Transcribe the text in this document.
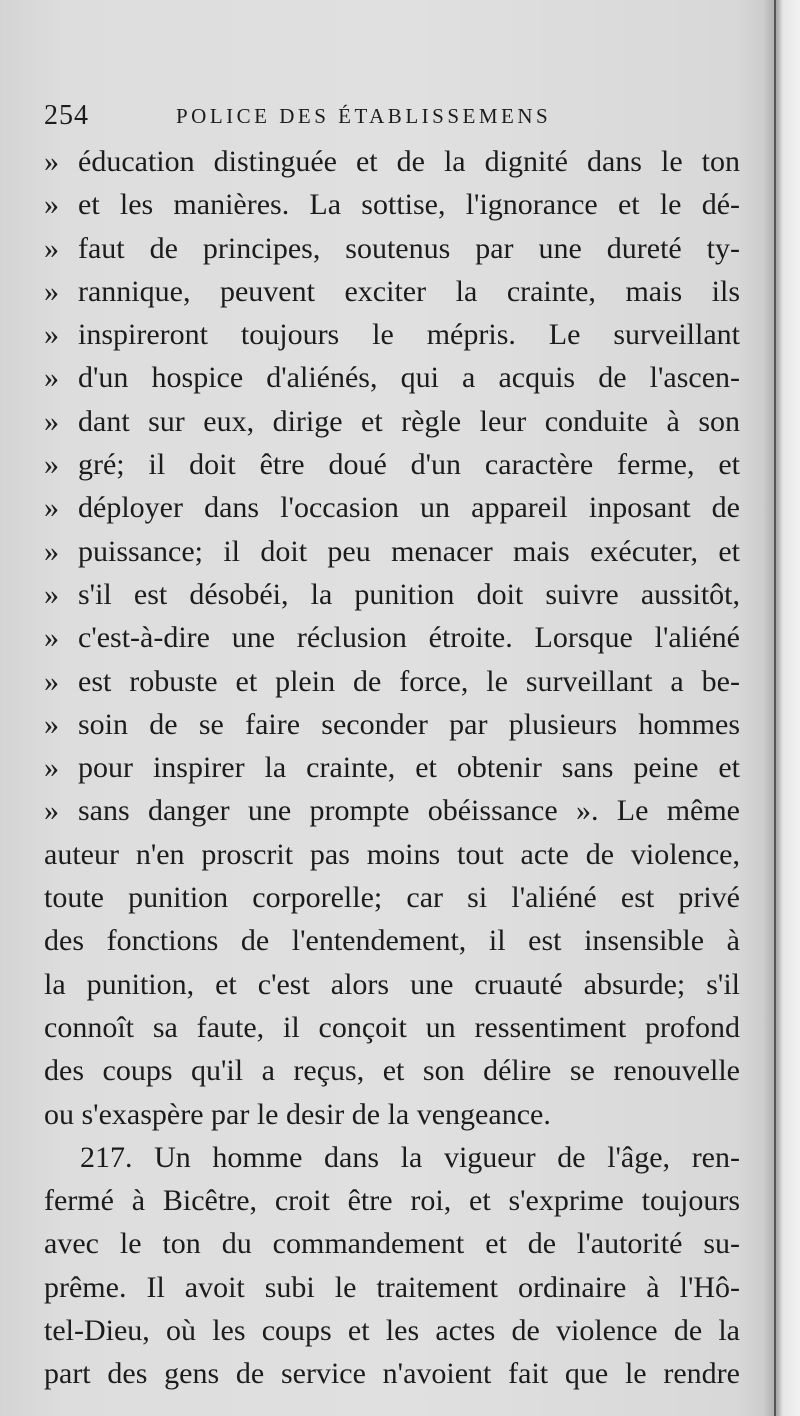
254	POLICE DES ÉTABLISSEMENS
» éducation distinguée et de la dignité dans le ton
» et les manières. La sottise, l'ignorance et le dé-
» faut de principes, soutenus par une dureté ty-
» rannique, peuvent exciter la crainte, mais ils
» inspireront toujours le mépris. Le surveillant
» d'un hospice d'aliénés, qui a acquis de l'ascen-
» dant sur eux, dirige et règle leur conduite à son
» gré; il doit être doué d'un caractère ferme, et
» déployer dans l'occasion un appareil inposant de
» puissance; il doit peu menacer mais exécuter, et
» s'il est désobéi, la punition doit suivre aussitôt,
» c'est-à-dire une réclusion étroite. Lorsque l'aliéné
» est robuste et plein de force, le surveillant a be-
» soin de se faire seconder par plusieurs hommes
» pour inspirer la crainte, et obtenir sans peine et
» sans danger une prompte obéissance ». Le même
auteur n'en proscrit pas moins tout acte de violence,
toute punition corporelle; car si l'aliéné est privé
des fonctions de l'entendement, il est insensible à
la punition, et c'est alors une cruauté absurde; s'il
connoît sa faute, il conçoit un ressentiment profond
des coups qu'il a reçus, et son délire se renouvelle
ou s'exaspère par le desir de la vengeance.
217. Un homme dans la vigueur de l'âge, ren-
fermé à Bicêtre, croit être roi, et s'exprime toujours
avec le ton du commandement et de l'autorité su-
prême. Il avoit subi le traitement ordinaire à l'Hô-
tel-Dieu, où les coups et les actes de violence de la
part des gens de service n'avoient fait que le rendre
